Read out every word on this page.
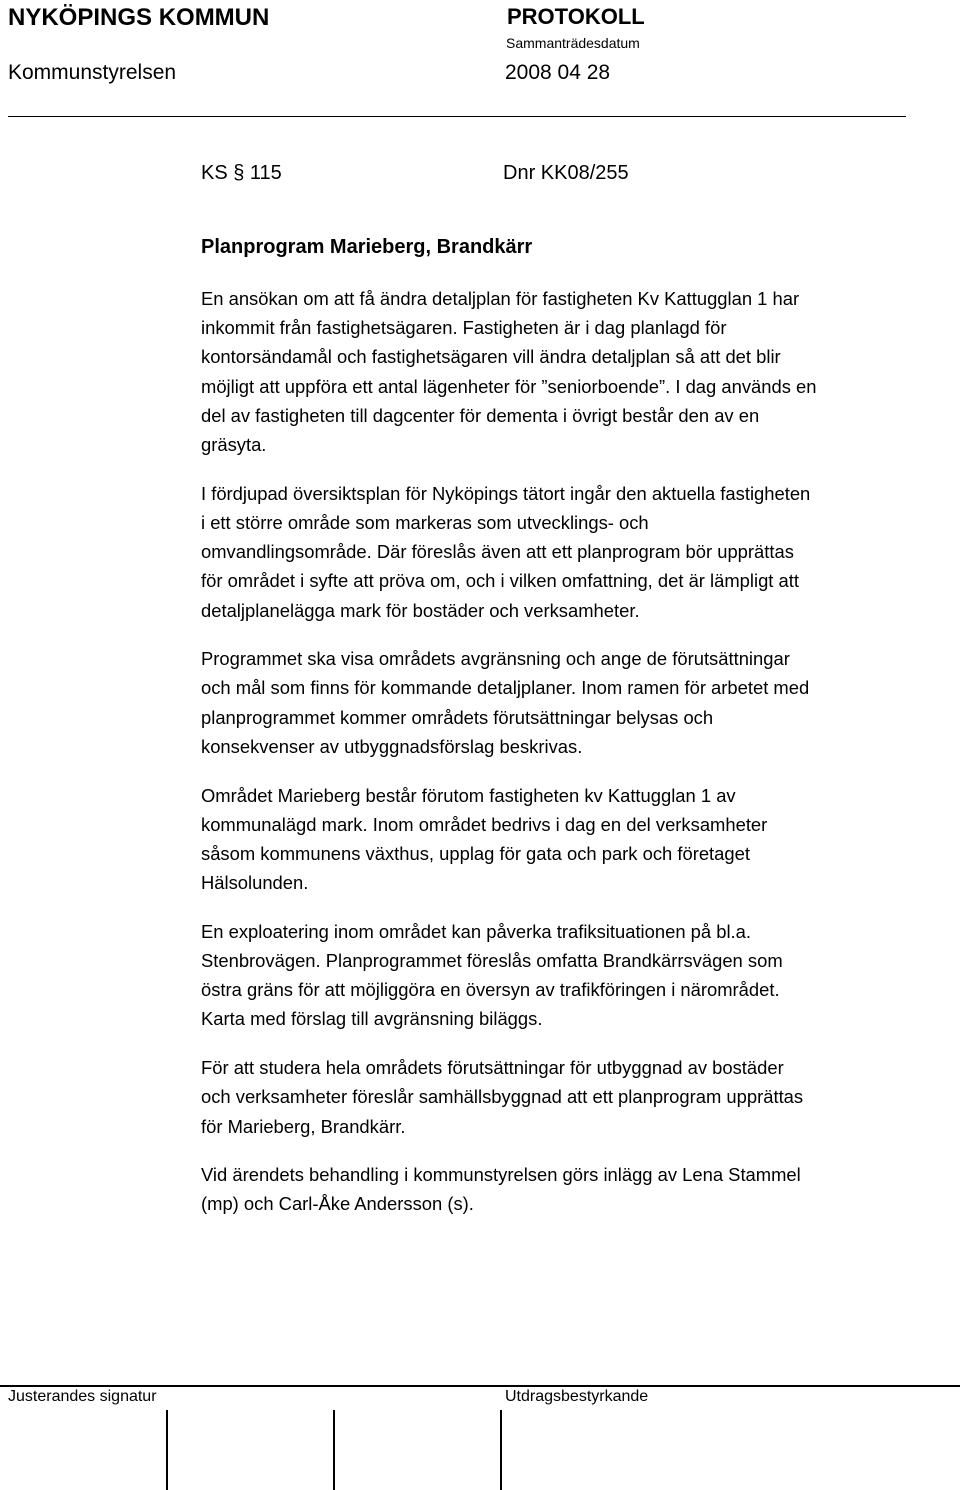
NYKÖPINGS KOMMUN	PROTOKOLL
Sammanträdesdatum
Kommunstyrelsen	2008 04 28
KS § 115	Dnr KK08/255
Planprogram Marieberg, Brandkärr

En ansökan om att få ändra detaljplan för fastigheten Kv Kattugglan 1 har
inkommit från fastighetsägaren. Fastigheten är i dag planlagd för
kontorsändamål och fastighetsägaren vill ändra detaljplan så att det blir
möjligt att uppföra ett antal lägenheter för ”seniorboende”. I dag används en
del av fastigheten till dagcenter för dementa i övrigt består den av en
gräsyta.

I fördjupad översiktsplan för Nyköpings tätort ingår den aktuella fastigheten
i ett större område som markeras som utvecklings- och
omvandlingsområde. Där föreslås även att ett planprogram bör upprättas
för området i syfte att pröva om, och i vilken omfattning, det är lämpligt att
detaljplanelägga mark för bostäder och verksamheter.

Programmet ska visa områdets avgränsning och ange de förutsättningar
och mål som finns för kommande detaljplaner. Inom ramen för arbetet med
planprogrammet kommer områdets förutsättningar belysas och
konsekvenser av utbyggnadsförslag beskrivas.

Området Marieberg består förutom fastigheten kv Kattugglan 1 av
kommunalägd mark. Inom området bedrivs i dag en del verksamheter
såsom kommunens växthus, upplag för gata och park och företaget
Hälsolunden.

En exploatering inom området kan påverka trafiksituationen på bl.a.
Stenbrovägen. Planprogrammet föreslås omfatta Brandkärrsvägen som
östra gräns för att möjliggöra en översyn av trafikföringen i närområdet.
Karta med förslag till avgränsning biläggs.

För att studera hela områdets förutsättningar för utbyggnad av bostäder
och verksamheter föreslår samhällsbyggnad att ett planprogram upprättas
för Marieberg, Brandkärr.

Vid ärendets behandling i kommunstyrelsen görs inlägg av Lena Stammel
(mp) och Carl-Åke Andersson (s).

Justerandes signatur	Utdragsbestyrkande
